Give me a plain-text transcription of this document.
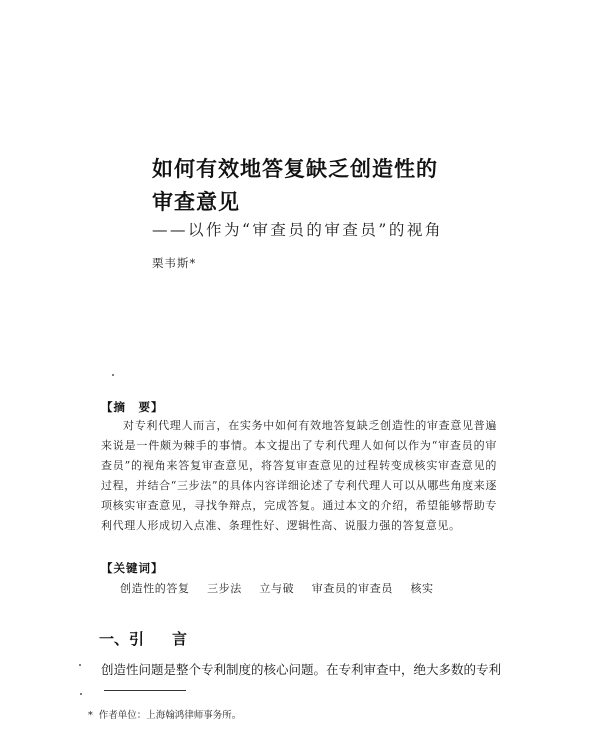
如何有效地答复缺乏创造性的
审查意见
——以作为“审查员的审查员”的视角
栗韦斯*
【摘　要】
对专利代理人而言，在实务中如何有效地答复缺乏创造性的审查意见普遍来说是一件颇为棘手的事情。本文提出了专利代理人如何以作为“审查员的审查员”的视角来答复审查意见，将答复审查意见的过程转变成核实审查意见的过程，并结合“三步法”的具体内容详细论述了专利代理人可以从哪些角度来逐项核实审查意见，寻找争辩点，完成答复。通过本文的介绍，希望能够帮助专利代理人形成切入点准、条理性好、逻辑性高、说服力强的答复意见。
【关键词】
创造性的答复 三步法 立与破 审查员的审查员 核实
一、引 言
创造性问题是整个专利制度的核心问题。在专利审查中，绝大多数的专利
* 作者单位：上海翰鸿律师事务所。
